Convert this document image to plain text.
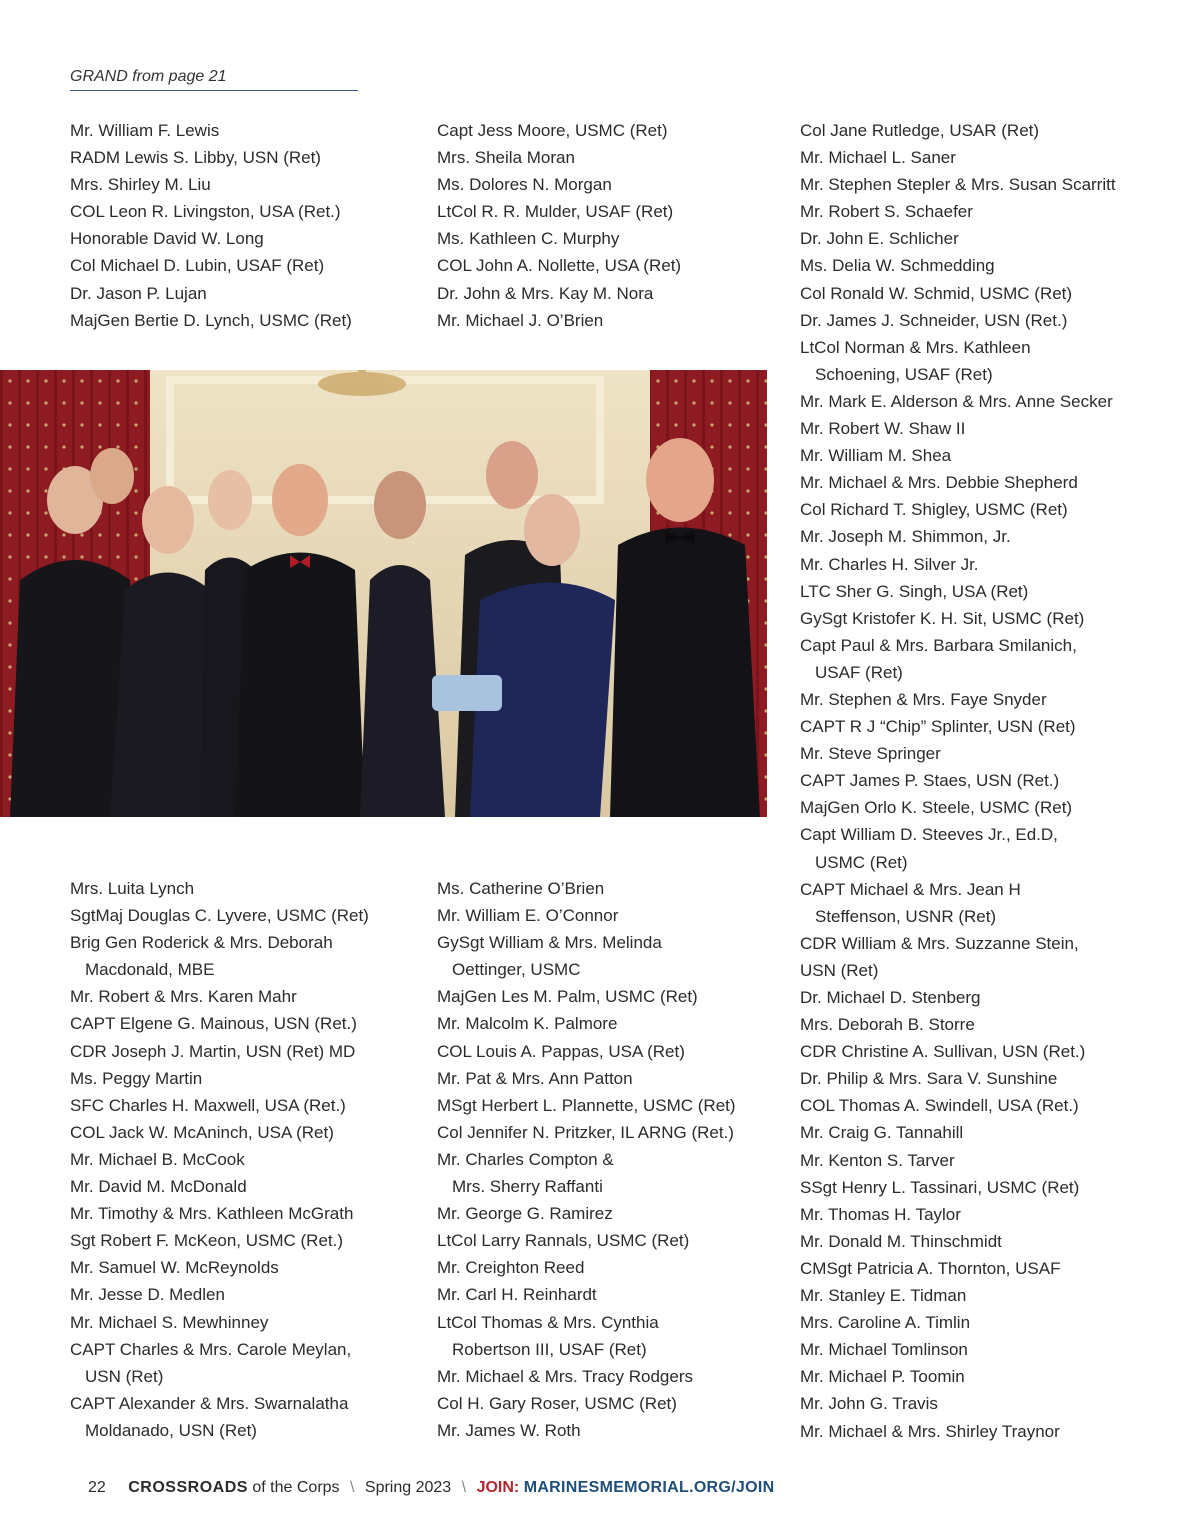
GRAND from page 21
Mr. William F. Lewis
RADM Lewis S. Libby, USN (Ret)
Mrs. Shirley M. Liu
COL Leon R. Livingston, USA (Ret.)
Honorable David W. Long
Col Michael D. Lubin, USAF (Ret)
Dr. Jason P. Lujan
MajGen Bertie D. Lynch, USMC (Ret)
Capt Jess Moore, USMC (Ret)
Mrs. Sheila Moran
Ms. Dolores N. Morgan
LtCol R. R. Mulder, USAF (Ret)
Ms. Kathleen C. Murphy
COL John A. Nollette, USA (Ret)
Dr. John & Mrs. Kay M. Nora
Mr. Michael J. O’Brien
Col Jane Rutledge, USAR (Ret)
Mr. Michael L. Saner
Mr. Stephen Stepler & Mrs. Susan Scarritt
Mr. Robert S. Schaefer
Dr. John E. Schlicher
Ms. Delia W. Schmedding
Col Ronald W. Schmid, USMC (Ret)
Dr. James J. Schneider, USN (Ret.)
LtCol Norman & Mrs. Kathleen
Schoening, USAF (Ret)
Mr. Mark E. Alderson & Mrs. Anne Secker
Mr. Robert W. Shaw II
Mr. William M. Shea
Mr. Michael & Mrs. Debbie Shepherd
Col Richard T. Shigley, USMC (Ret)
Mr. Joseph M. Shimmon, Jr.
Mr. Charles H. Silver Jr.
LTC Sher G. Singh, USA (Ret)
GySgt Kristofer K. H. Sit, USMC (Ret)
Capt Paul & Mrs. Barbara Smilanich,
USAF (Ret)
Mr. Stephen & Mrs. Faye Snyder
CAPT R J “Chip” Splinter, USN (Ret)
Mr. Steve Springer
CAPT James P. Staes, USN (Ret.)
MajGen Orlo K. Steele, USMC (Ret)
Capt William D. Steeves Jr., Ed.D,
USMC (Ret)
CAPT Michael & Mrs. Jean H
Steffenson, USNR (Ret)
CDR William & Mrs. Suzzanne Stein,
USN (Ret)
Dr. Michael D. Stenberg
Mrs. Deborah B. Storre
CDR Christine A. Sullivan, USN (Ret.)
Dr. Philip & Mrs. Sara V. Sunshine
COL Thomas A. Swindell, USA (Ret.)
Mr. Craig G. Tannahill
Mr. Kenton S. Tarver
SSgt Henry L. Tassinari, USMC (Ret)
Mr. Thomas H. Taylor
Mr. Donald M. Thinschmidt
CMSgt Patricia A. Thornton, USAF
Mr. Stanley E. Tidman
Mrs. Caroline A. Timlin
Mr. Michael Tomlinson
Mr. Michael P. Toomin
Mr. John G. Travis
Mr. Michael & Mrs. Shirley Traynor
Mrs. Luita Lynch
SgtMaj Douglas C. Lyvere, USMC (Ret)
Brig Gen Roderick & Mrs. Deborah
Macdonald, MBE
Mr. Robert & Mrs. Karen Mahr
CAPT Elgene G. Mainous, USN (Ret.)
CDR Joseph J. Martin, USN (Ret) MD
Ms. Peggy Martin
SFC Charles H. Maxwell, USA (Ret.)
COL Jack W. McAninch, USA (Ret)
Mr. Michael B. McCook
Mr. David M. McDonald
Mr. Timothy & Mrs. Kathleen McGrath
Sgt Robert F. McKeon, USMC (Ret.)
Mr. Samuel W. McReynolds
Mr. Jesse D. Medlen
Mr. Michael S. Mewhinney
CAPT Charles & Mrs. Carole Meylan,
USN (Ret)
CAPT Alexander & Mrs. Swarnalatha
Moldanado, USN (Ret)
Ms. Catherine O’Brien
Mr. William E. O’Connor
GySgt William & Mrs. Melinda
Oettinger, USMC
MajGen Les M. Palm, USMC (Ret)
Mr. Malcolm K. Palmore
COL Louis A. Pappas, USA (Ret)
Mr. Pat & Mrs. Ann Patton
MSgt Herbert L. Plannette, USMC (Ret)
Col Jennifer N. Pritzker, IL ARNG (Ret.)
Mr. Charles Compton &
Mrs. Sherry Raffanti
Mr. George G. Ramirez
LtCol Larry Rannals, USMC (Ret)
Mr. Creighton Reed
Mr. Carl H. Reinhardt
LtCol Thomas & Mrs. Cynthia
Robertson III, USAF (Ret)
Mr. Michael & Mrs. Tracy Rodgers
Col H. Gary Roser, USMC (Ret)
Mr. James W. Roth
22 CROSSROADS of the Corps \ Spring 2023 \ JOIN: MARINESMEMORIAL.ORG/JOIN
